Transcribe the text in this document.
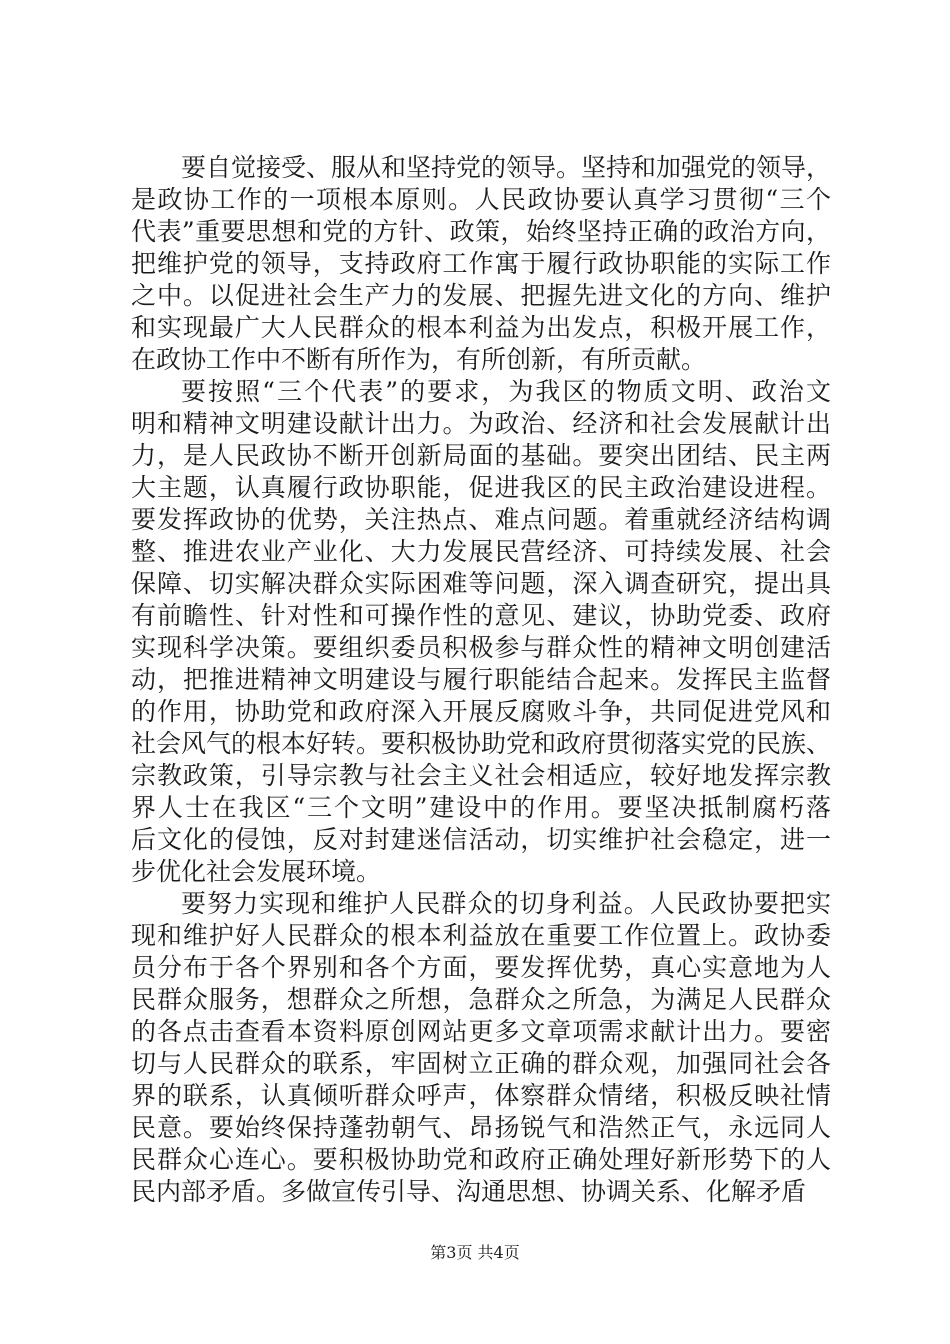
要自觉接受、服从和坚持党的领导。坚持和加强党的领导，
是政协工作的一项根本原则。人民政协要认真学习贯彻“三个
代表”重要思想和党的方针、政策，始终坚持正确的政治方向，
把维护党的领导，支持政府工作寓于履行政协职能的实际工作
之中。以促进社会生产力的发展、把握先进文化的方向、维护
和实现最广大人民群众的根本利益为出发点，积极开展工作，
在政协工作中不断有所作为，有所创新，有所贡献。
要按照“三个代表”的要求，为我区的物质文明、政治文
明和精神文明建设献计出力。为政治、经济和社会发展献计出
力，是人民政协不断开创新局面的基础。要突出团结、民主两
大主题，认真履行政协职能，促进我区的民主政治建设进程。
要发挥政协的优势，关注热点、难点问题。着重就经济结构调
整、推进农业产业化、大力发展民营经济、可持续发展、社会
保障、切实解决群众实际困难等问题，深入调查研究，提出具
有前瞻性、针对性和可操作性的意见、建议，协助党委、政府
实现科学决策。要组织委员积极参与群众性的精神文明创建活
动，把推进精神文明建设与履行职能结合起来。发挥民主监督
的作用，协助党和政府深入开展反腐败斗争，共同促进党风和
社会风气的根本好转。要积极协助党和政府贯彻落实党的民族、
宗教政策，引导宗教与社会主义社会相适应，较好地发挥宗教
界人士在我区“三个文明”建设中的作用。要坚决抵制腐朽落
后文化的侵蚀，反对封建迷信活动，切实维护社会稳定，进一
步优化社会发展环境。
要努力实现和维护人民群众的切身利益。人民政协要把实
现和维护好人民群众的根本利益放在重要工作位置上。政协委
员分布于各个界别和各个方面，要发挥优势，真心实意地为人
民群众服务，想群众之所想，急群众之所急，为满足人民群众
的各点击查看本资料原创网站更多文章项需求献计出力。要密
切与人民群众的联系，牢固树立正确的群众观，加强同社会各
界的联系，认真倾听群众呼声，体察群众情绪，积极反映社情
民意。要始终保持蓬勃朝气、昂扬锐气和浩然正气，永远同人
民群众心连心。要积极协助党和政府正确处理好新形势下的人
民内部矛盾。多做宣传引导、沟通思想、协调关系、化解矛盾
第3页 共4页
